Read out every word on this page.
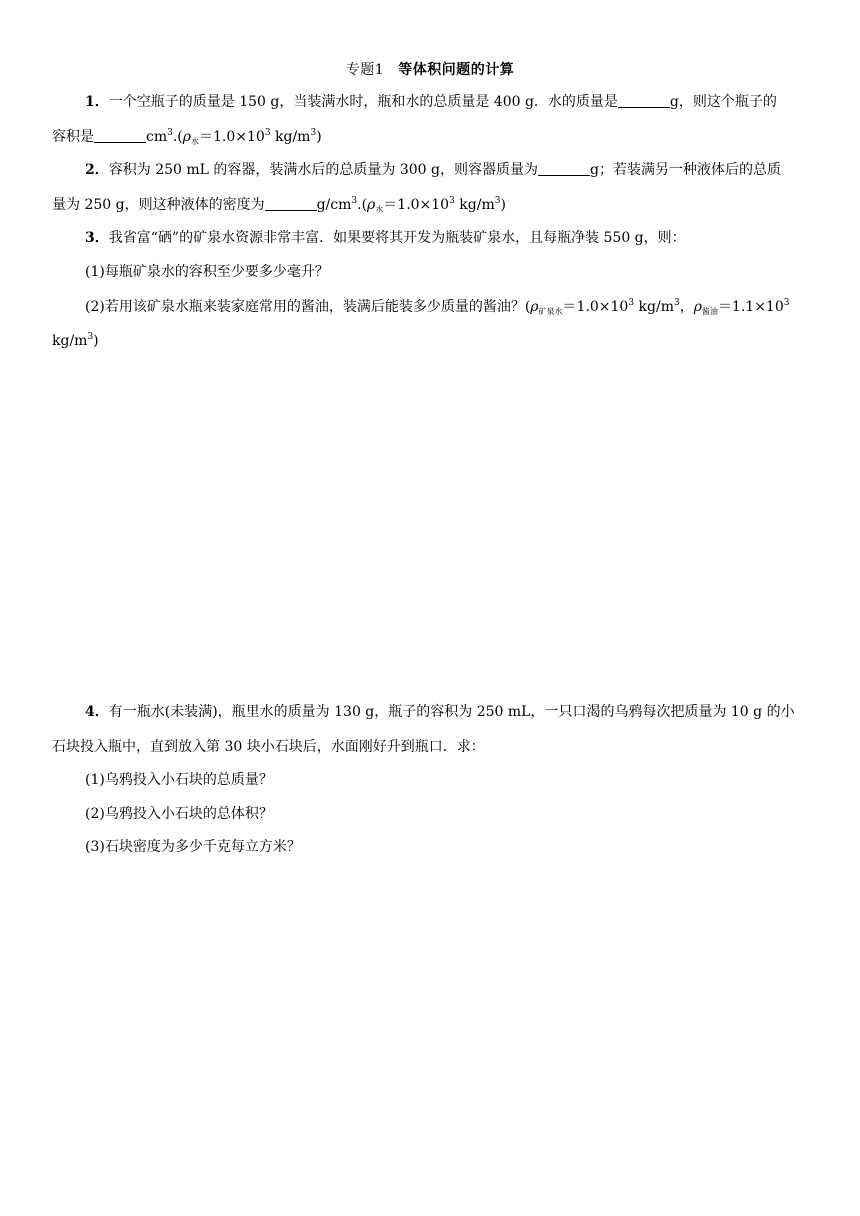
专题1 等体积问题的计算
1．一个空瓶子的质量是 150 g，当装满水时，瓶和水的总质量是 400 g．水的质量是	g，则这个瓶子的
容积是	$cm^3.(\rho_水=1.0\times 10^3$ $kg/m^3$)
2．容积为 250 mL 的容器，装满水后的总质量为 300 g，则容器质量为	g；若装满另一种液体后的总质
量为 250 g，则这种液体的密度为	$g/cm^3.(\rho_水=1.0\times 10^3$ $kg/m^3$)
3．我省富“硒”的矿泉水资源非常丰富．如果要将其开发为瓶装矿泉水，且每瓶净装 550 g，则：
(1)每瓶矿泉水的容积至少要多少毫升？
(2)若用该矿泉水瓶来装家庭常用的酱油，装满后能装多少质量的酱油？($\rho_{矿泉水}=1.0\times 10^3$ $kg/m^3$，$\rho_{酱油}=1.1\times 10^3$
$kg/m^3$)
4．有一瓶水(未装满)，瓶里水的质量为 130 g，瓶子的容积为 250 mL，一只口渴的乌鸦每次把质量为 10 g 的小
石块投入瓶中，直到放入第 30 块小石块后，水面刚好升到瓶口．求：
(1)乌鸦投入小石块的总质量？
(2)乌鸦投入小石块的总体积？
(3)石块密度为多少千克每立方米？
